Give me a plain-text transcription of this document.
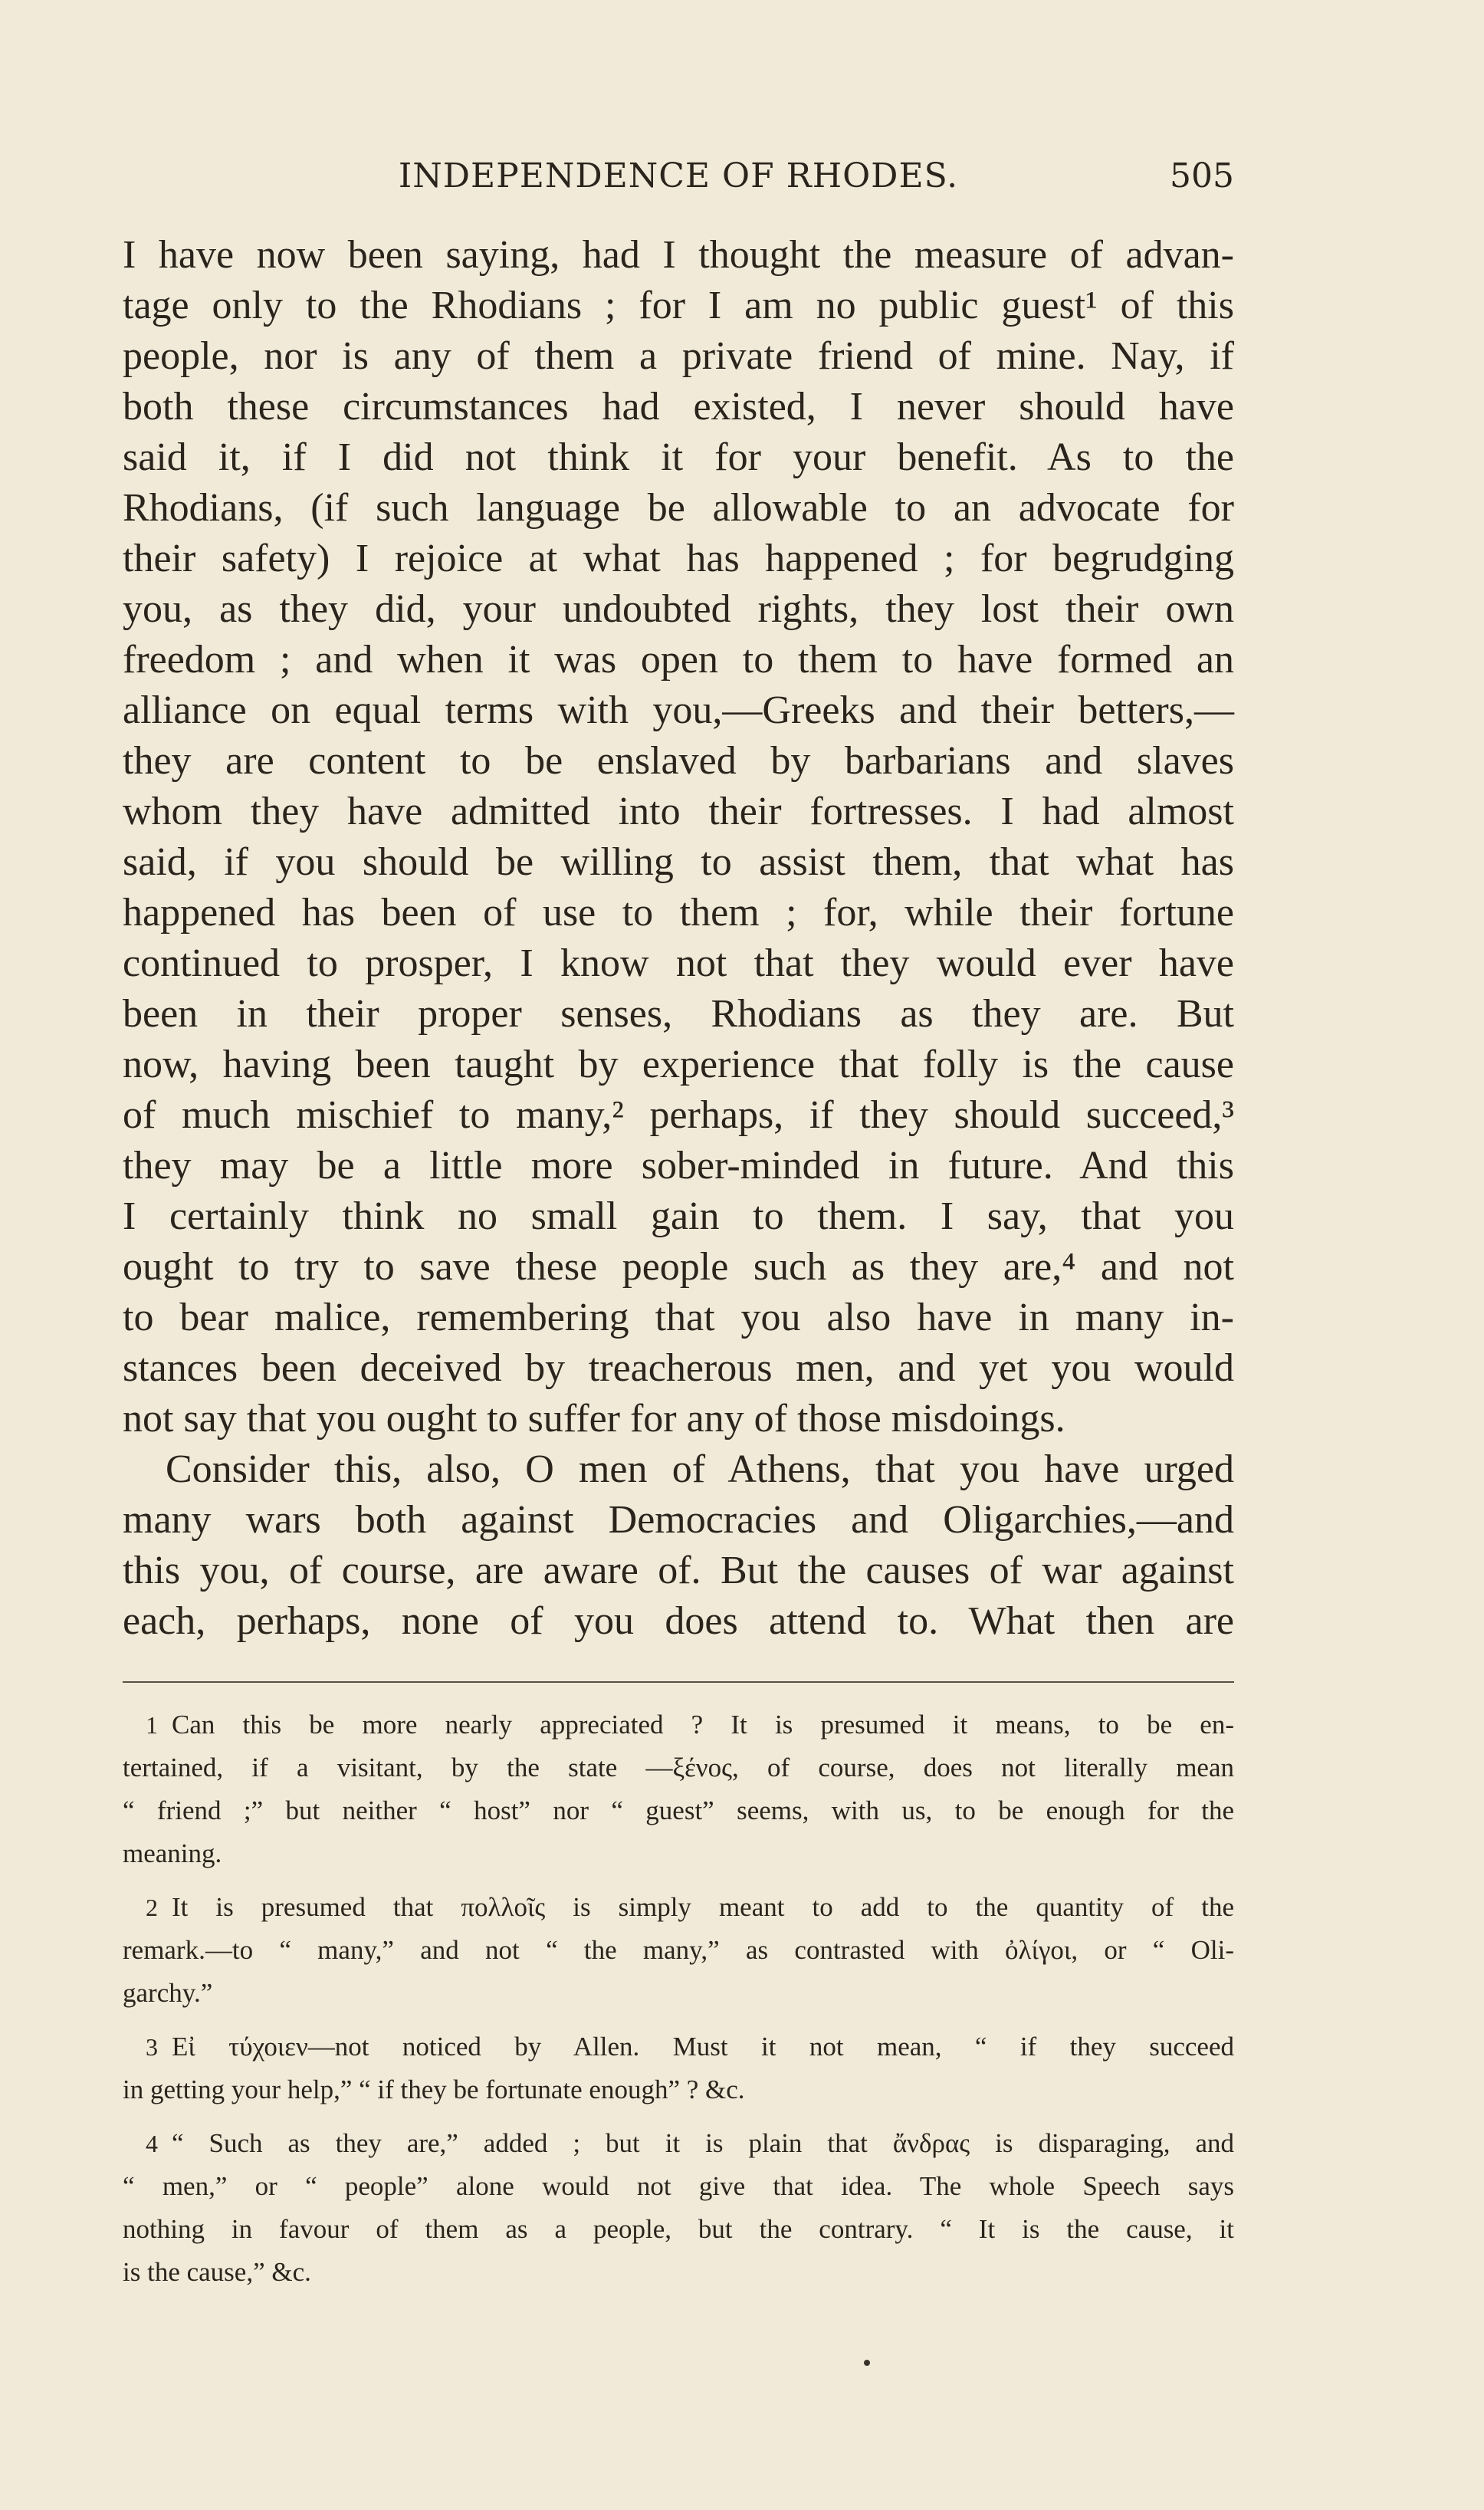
INDEPENDENCE OF RHODES.	505
I have now been saying, had I thought the measure of advan-
tage only to the Rhodians ; for I am no public guest¹ of this
people, nor is any of them a private friend of mine. Nay, if
both these circumstances had existed, I never should have
said it, if I did not think it for your benefit. As to the
Rhodians, (if such language be allowable to an advocate for
their safety) I rejoice at what has happened ; for begrudging
you, as they did, your undoubted rights, they lost their own
freedom ; and when it was open to them to have formed an
alliance on equal terms with you,—Greeks and their betters,—
they are content to be enslaved by barbarians and slaves
whom they have admitted into their fortresses. I had almost
said, if you should be willing to assist them, that what has
happened has been of use to them ; for, while their fortune
continued to prosper, I know not that they would ever have
been in their proper senses, Rhodians as they are. But
now, having been taught by experience that folly is the cause
of much mischief to many,² perhaps, if they should succeed,³
they may be a little more sober-minded in future. And this
I certainly think no small gain to them. I say, that you
ought to try to save these people such as they are,⁴ and not
to bear malice, remembering that you also have in many in-
stances been deceived by treacherous men, and yet you would
not say that you ought to suffer for any of those misdoings.
Consider this, also, O men of Athens, that you have urged
many wars both against Democracies and Oligarchies,—and
this you, of course, are aware of. But the causes of war against
each, perhaps, none of you does attend to. What then are
1 Can this be more nearly appreciated ? It is presumed it means, to be en-
tertained, if a visitant, by the state —ξένος, of course, does not literally mean
“ friend ;” but neither “ host” nor “ guest” seems, with us, to be enough for the
meaning.
2 It is presumed that πολλοῖς is simply meant to add to the quantity of the
remark.—to “ many,” and not “ the many,” as contrasted with ὀλίγοι, or “ Oli-
garchy.”
3 Εἰ τύχοιεν—not noticed by Allen. Must it not mean, “ if they succeed
in getting your help,” “ if they be fortunate enough” ? &c.
4 “ Such as they are,” added ; but it is plain that ἄνδρας is disparaging, and
“ men,” or “ people” alone would not give that idea. The whole Speech says
nothing in favour of them as a people, but the contrary. “ It is the cause, it
is the cause,” &c.
